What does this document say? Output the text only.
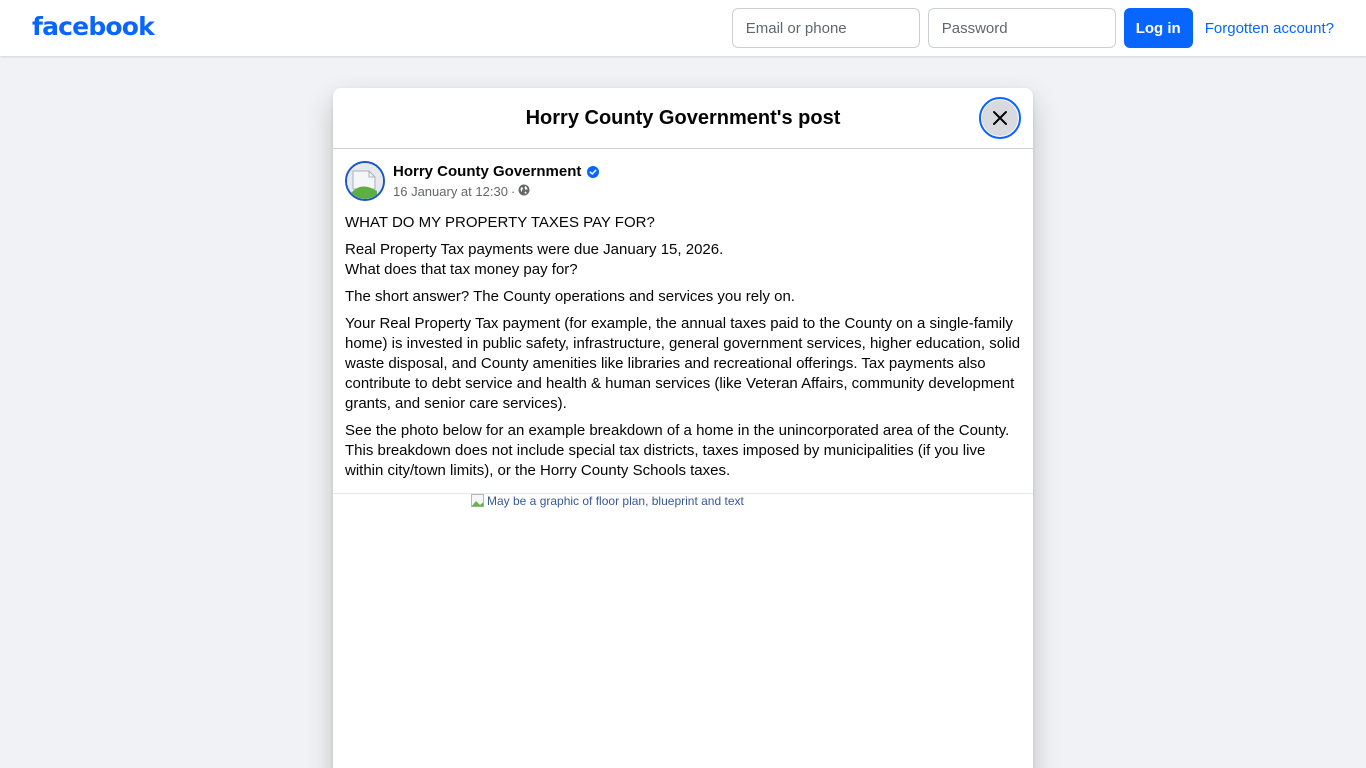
facebook
Email or phone	Log in	Forgotten account?
Horry County Government's post
Horry County Government
16 January at 12:30 ·

WHAT DO MY PROPERTY TAXES PAY FOR?

Real Property Tax payments were due January 15, 2026.
What does that tax money pay for?

The short answer? The County operations and services you rely on.

Your Real Property Tax payment (for example, the annual taxes paid to the County on a single-family home) is invested in public safety, infrastructure, general government services, higher education, solid waste disposal, and County amenities like libraries and recreational offerings. Tax payments also contribute to debt service and health & human services (like Veteran Affairs, community development grants, and senior care services).

See the photo below for an example breakdown of a home in the unincorporated area of the County. This breakdown does not include special tax districts, taxes imposed by municipalities (if you live within city/town limits), or the Horry County Schools taxes.

May be a graphic of floor plan, blueprint and text
